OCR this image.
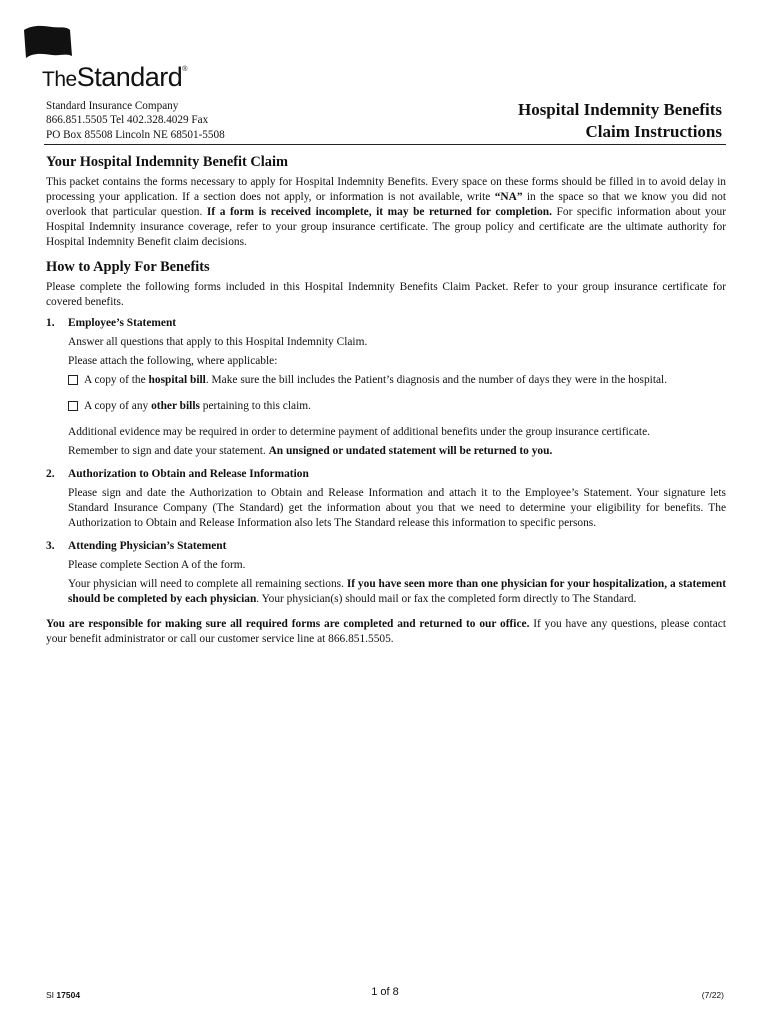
TheStandard®
Standard Insurance Company
866.851.5505 Tel 402.328.4029 Fax
PO Box 85508 Lincoln NE 68501-5508
Hospital Indemnity Benefits
Claim Instructions
Your Hospital Indemnity Benefit Claim

This packet contains the forms necessary to apply for Hospital Indemnity Benefits. Every space on these forms should be filled in to avoid delay in processing your application. If a section does not apply, or information is not available, write “NA” in the space so that we know you did not overlook that particular question. If a form is received incomplete, it may be returned for completion. For specific information about your Hospital Indemnity insurance coverage, refer to your group insurance certificate. The group policy and certificate are the ultimate authority for Hospital Indemnity Benefit claim decisions.

How to Apply For Benefits

Please complete the following forms included in this Hospital Indemnity Benefits Claim Packet. Refer to your group insurance certificate for covered benefits.

1.	Employee’s Statement

Answer all questions that apply to this Hospital Indemnity Claim.

Please attach the following, where applicable:

A copy of the hospital bill. Make sure the bill includes the Patient’s diagnosis and the number of days they were in the hospital.

A copy of any other bills pertaining to this claim.

Additional evidence may be required in order to determine payment of additional benefits under the group insurance certificate.

Remember to sign and date your statement. An unsigned or undated statement will be returned to you.

2.	Authorization to Obtain and Release Information

Please sign and date the Authorization to Obtain and Release Information and attach it to the Employee’s Statement. Your signature lets Standard Insurance Company (The Standard) get the information about you that we need to determine your eligibility for benefits. The Authorization to Obtain and Release Information also lets The Standard release this information to specific persons.

3.	Attending Physician’s Statement

Please complete Section A of the form.

Your physician will need to complete all remaining sections. If you have seen more than one physician for your hospitalization, a statement should be completed by each physician. Your physician(s) should mail or fax the completed form directly to The Standard.

You are responsible for making sure all required forms are completed and returned to our office. If you have any questions, please contact your benefit administrator or call our customer service line at 866.851.5505.

SI 17504	1 of 8	(7/22)
